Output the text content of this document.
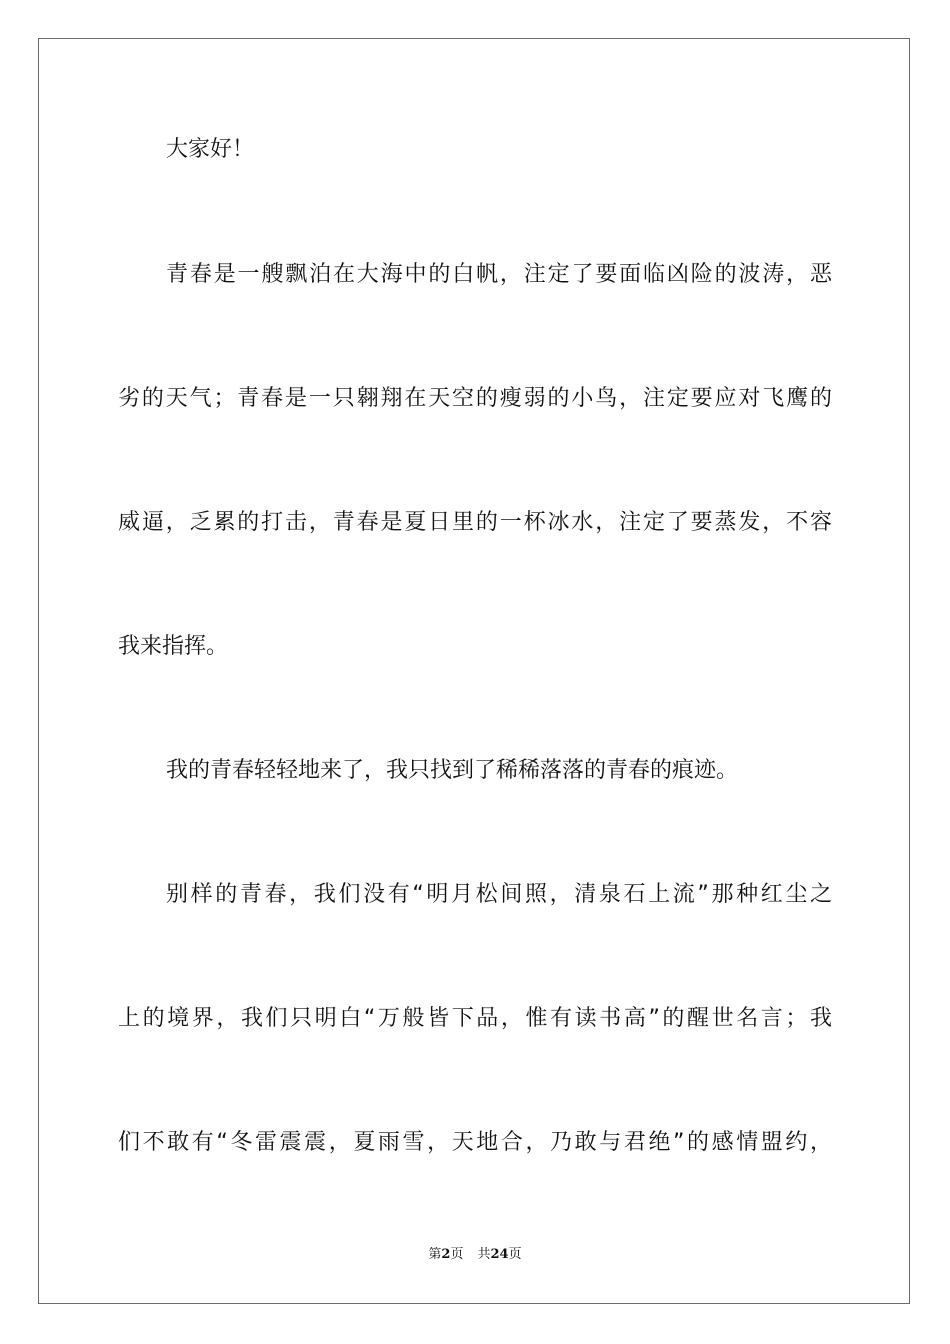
大家好！
青春是一艘飘泊在大海中的白帆，注定了要面临凶险的波涛，恶
劣的天气；青春是一只翱翔在天空的瘦弱的小鸟，注定要应对飞鹰的
威逼，乏累的打击，青春是夏日里的一杯冰水，注定了要蒸发，不容
我来指挥。
我的青春轻轻地来了，我只找到了稀稀落落的青春的痕迹。
别样的青春，我们没有“明月松间照，清泉石上流”那种红尘之
上的境界，我们只明白“万般皆下品，惟有读书高”的醒世名言；我
们不敢有“冬雷震震，夏雨雪，天地合，乃敢与君绝”的感情盟约，
第2页 共24页
